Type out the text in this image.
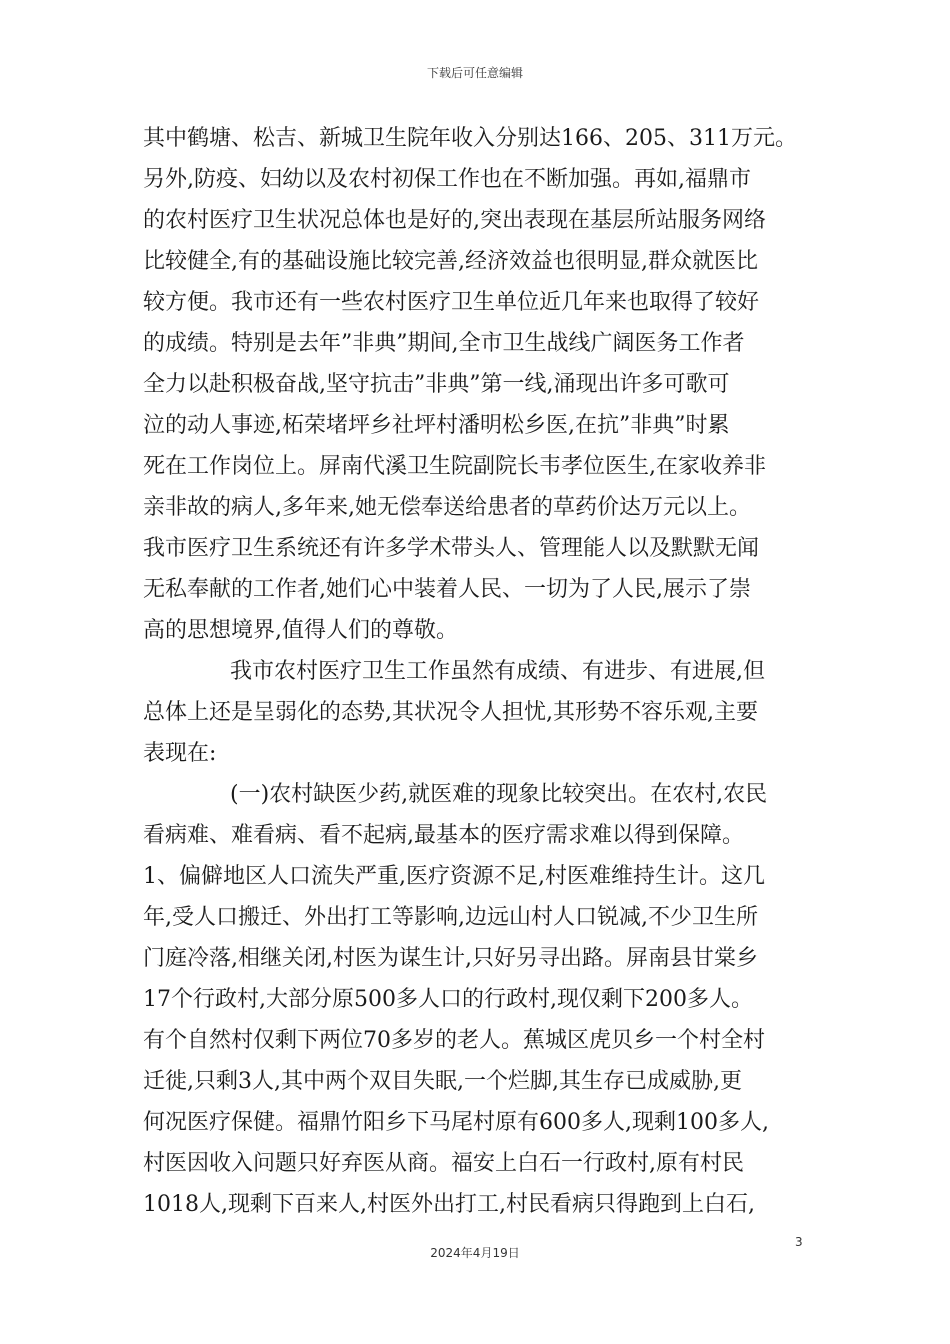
下载后可任意编辑
其中鹤塘、松吉、新城卫生院年收入分别达166、205、311万元。
另外,防疫、妇幼以及农村初保工作也在不断加强。再如,福鼎市
的农村医疗卫生状况总体也是好的,突出表现在基层所站服务网络
比较健全,有的基础设施比较完善,经济效益也很明显,群众就医比
较方便。我市还有一些农村医疗卫生单位近几年来也取得了较好
的成绩。特别是去年”非典”期间,全市卫生战线广阔医务工作者
全力以赴积极奋战,坚守抗击”非典”第一线,涌现出许多可歌可
泣的动人事迹,柘荣堵坪乡社坪村潘明松乡医,在抗”非典”时累
死在工作岗位上。屏南代溪卫生院副院长韦孝位医生,在家收养非
亲非故的病人,多年来,她无偿奉送给患者的草药价达万元以上。
我市医疗卫生系统还有许多学术带头人、管理能人以及默默无闻
无私奉献的工作者,她们心中装着人民、一切为了人民,展示了崇
高的思想境界,值得人们的尊敬。
我市农村医疗卫生工作虽然有成绩、有进步、有进展,但
总体上还是呈弱化的态势,其状况令人担忧,其形势不容乐观,主要
表现在:
(一)农村缺医少药,就医难的现象比较突出。在农村,农民
看病难、难看病、看不起病,最基本的医疗需求难以得到保障。
1、偏僻地区人口流失严重,医疗资源不足,村医难维持生计。这几
年,受人口搬迁、外出打工等影响,边远山村人口锐减,不少卫生所
门庭冷落,相继关闭,村医为谋生计,只好另寻出路。屏南县甘棠乡
17个行政村,大部分原500多人口的行政村,现仅剩下200多人。
有个自然村仅剩下两位70多岁的老人。蕉城区虎贝乡一个村全村
迁徙,只剩3人,其中两个双目失眠,一个烂脚,其生存已成威胁,更
何况医疗保健。福鼎竹阳乡下马尾村原有600多人,现剩100多人,
村医因收入问题只好弃医从商。福安上白石一行政村,原有村民
1018人,现剩下百来人,村医外出打工,村民看病只得跑到上白石,
3
2024年4月19日
